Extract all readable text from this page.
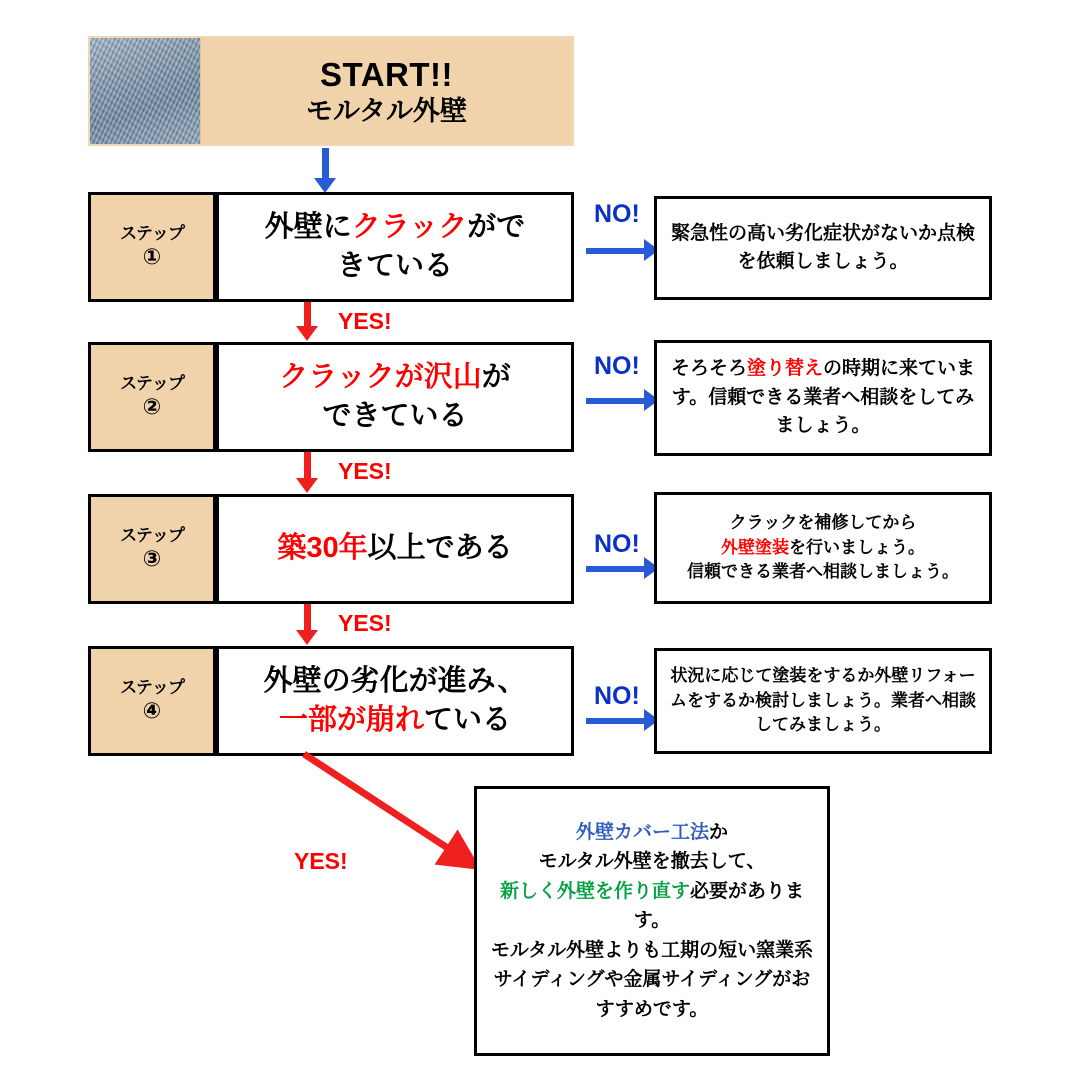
START!!
モルタル外壁
ステップ
①
外壁にクラックがで
きている
NO!
緊急性の高い劣化症状がないか点検を依頼しましょう。
YES!
ステップ
②
クラックが沢山が
できている
NO! そろそろ塗り替えの時期に来ています。信頼できる業者へ相談をしてみましょう。
YES!
ステップ
③	築30年以上である	NO!
クラックを補修してから
外壁塗装を行いましょう。
信頼できる業者へ相談しましょう。
YES!
ステップ
④
外壁の劣化が進み、
一部が崩れている
NO!
状況に応じて塗装をするか外壁リフォームをするか検討しましょう。業者へ相談してみましょう。
YES!
外壁カバー工法か
モルタル外壁を撤去して、
新しく外壁を作り直す必要があります。
モルタル外壁よりも工期の短い窯業系サイディングや金属サイディングがおすすめです。
